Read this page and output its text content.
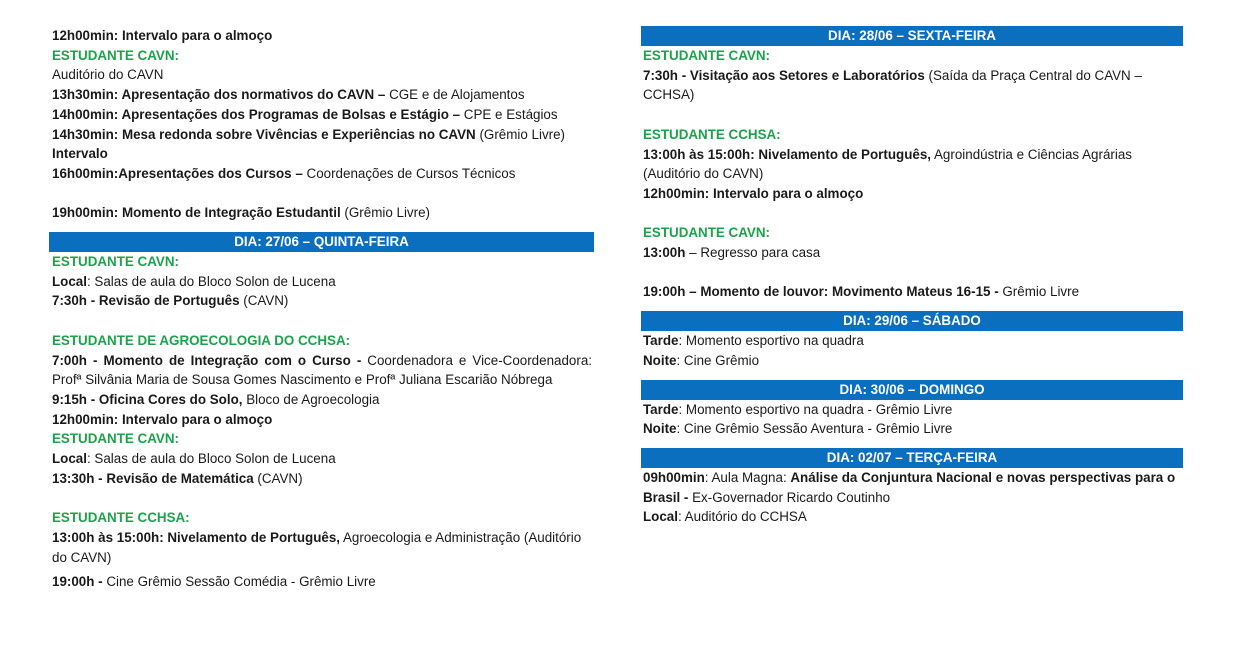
12h00min: Intervalo para o almoço
ESTUDANTE CAVN:
Auditório do CAVN
13h30min: Apresentação dos normativos do CAVN – CGE e de Alojamentos
14h00min: Apresentações dos Programas de Bolsas e Estágio – CPE e Estágios
14h30min: Mesa redonda sobre Vivências e Experiências no CAVN (Grêmio Livre)
Intervalo
16h00min:Apresentações dos Cursos – Coordenações de Cursos Técnicos
19h00min: Momento de Integração Estudantil (Grêmio Livre)
DIA: 27/06 – QUINTA-FEIRA
ESTUDANTE CAVN:
Local: Salas de aula do Bloco Solon de Lucena
7:30h - Revisão de Português (CAVN)
ESTUDANTE DE AGROECOLOGIA DO CCHSA:
7:00h - Momento de Integração com o Curso - Coordenadora e Vice-Coordenadora: Profª Silvânia Maria de Sousa Gomes Nascimento e Profª Juliana Escarião Nóbrega
9:15h - Oficina Cores do Solo, Bloco de Agroecologia
12h00min: Intervalo para o almoço
ESTUDANTE CAVN:
Local: Salas de aula do Bloco Solon de Lucena
13:30h - Revisão de Matemática (CAVN)
ESTUDANTE CCHSA:
13:00h às 15:00h: Nivelamento de Português, Agroecologia e Administração (Auditório do CAVN)
19:00h - Cine Grêmio Sessão Comédia - Grêmio Livre
DIA: 28/06 – SEXTA-FEIRA
ESTUDANTE CAVN:
7:30h - Visitação aos Setores e Laboratórios (Saída da Praça Central do CAVN – CCHSA)
ESTUDANTE CCHSA:
13:00h às 15:00h: Nivelamento de Português, Agroindústria e Ciências Agrárias (Auditório do CAVN)
12h00min: Intervalo para o almoço
ESTUDANTE CAVN:
13:00h – Regresso para casa
19:00h – Momento de louvor: Movimento Mateus 16-15 - Grêmio Livre
DIA: 29/06 – SÁBADO
Tarde: Momento esportivo na quadra
Noite: Cine Grêmio
DIA: 30/06 – DOMINGO
Tarde: Momento esportivo na quadra - Grêmio Livre
Noite: Cine Grêmio Sessão Aventura - Grêmio Livre
DIA: 02/07 – TERÇA-FEIRA
09h00min: Aula Magna: Análise da Conjuntura Nacional e novas perspectivas para o Brasil - Ex-Governador Ricardo Coutinho
Local: Auditório do CCHSA
